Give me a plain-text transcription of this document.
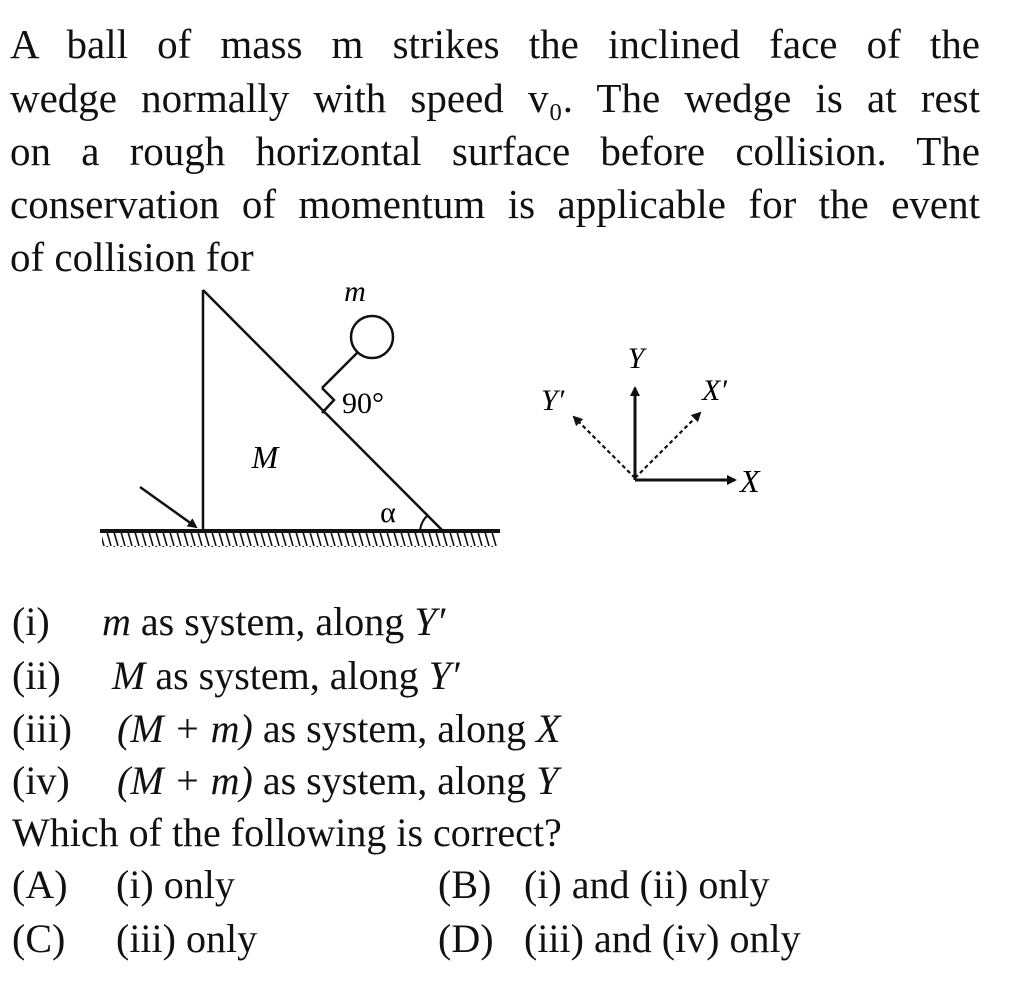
A ball of mass m strikes the inclined face of the
wedge normally with speed v₀. The wedge is at rest
on a rough horizontal surface before collision. The
conservation of momentum is applicable for the event
of collision for
m
90°
M
α
Y
X
Y′	X′
(i) m as system, along Y′
(ii) M as system, along Y′
(iii) (M + m) as system, along X
(iv) (M + m) as system, along Y
Which of the following is correct?
(A) (i) only	(B) (i) and (ii) only
(C) (iii) only	(D) (iii) and (iv) only
